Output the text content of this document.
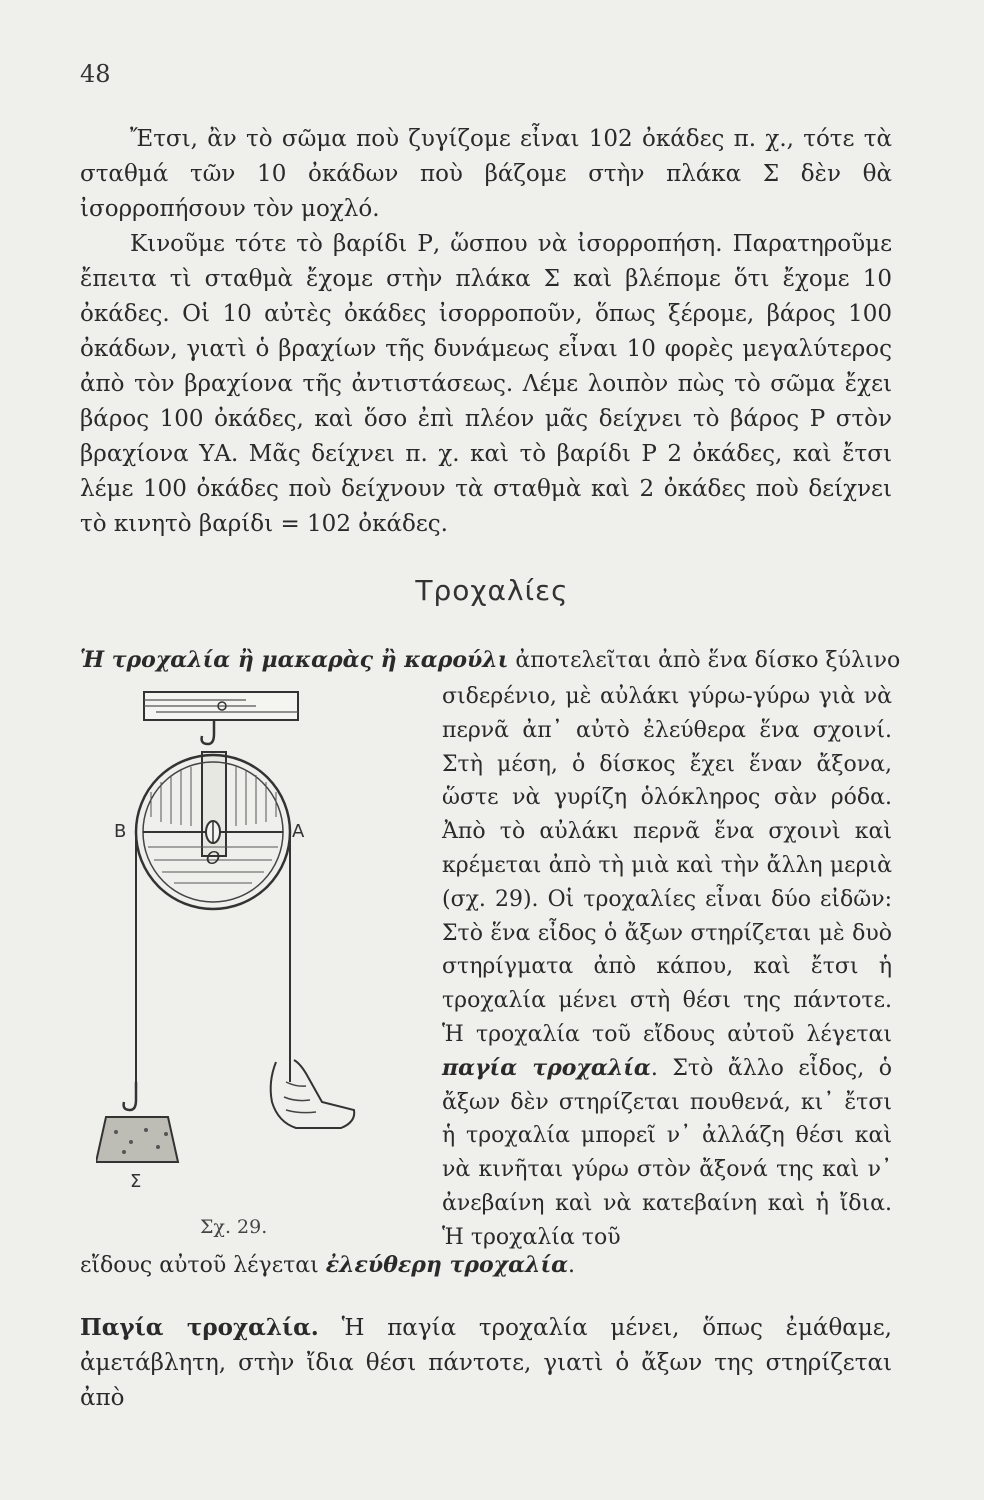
48

Ἔτσι, ἂν τὸ σῶμα ποὺ ζυγίζομε εἶναι 102 ὀκάδες π. χ., τότε τὰ σταθμά τῶν 10 ὀκάδων ποὺ βάζομε στὴν πλάκα Σ δὲν θὰ ἰσορροπήσουν τὸν μοχλό.

Κινοῦμε τότε τὸ βαρίδι Ρ, ὥσπου νὰ ἰσορροπήση. Παρατηροῦμε ἔπειτα τὶ σταθμὰ ἔχομε στὴν πλάκα Σ καὶ βλέπομε ὅτι ἔχομε 10 ὀκάδες. Οἱ 10 αὐτὲς ὀκάδες ἰσορροποῦν, ὅπως ξέρομε, βάρος 100 ὀκάδων, γιατὶ ὁ βραχίων τῆς δυνάμεως εἶναι 10 φορὲς μεγαλύτερος ἀπὸ τὸν βραχίονα τῆς ἀντιστάσεως. Λέμε λοιπὸν πὼς τὸ σῶμα ἔχει βάρος 100 ὀκάδες, καὶ ὅσο ἐπὶ πλέον μᾶς δείχνει τὸ βάρος Ρ στὸν βραχίονα ΥΑ. Μᾶς δείχνει π. χ. καὶ τὸ βαρίδι Ρ 2 ὀκάδες, καὶ ἔτσι λέμε 100 ὀκάδες ποὺ δείχνουν τὰ σταθμὰ καὶ 2 ὀκάδες ποὺ δείχνει τὸ κινητὸ βαρίδι = 102 ὀκάδες.

Τροχαλίες
Ἡ τροχαλία ἢ μακαρὰς ἢ καρούλι ἀποτελεῖται ἀπὸ ἕνα δίσκο ξύλινο
Β	Α
Ο
Σ
Σχ. 29.
σιδερένιο, μὲ αὐλάκι γύρω-γύρω γιὰ νὰ περνᾶ ἀπ᾽ αὐτὸ ἐλεύθερα ἕνα σχοινί. Στὴ μέση, ὁ δίσκος ἔχει ἕναν ἄξονα, ὥστε νὰ γυρίζη ὁλόκληρος σὰν ρόδα. Ἀπὸ τὸ αὐλάκι περνᾶ ἕνα σχοινὶ καὶ κρέμεται ἀπὸ τὴ μιὰ καὶ τὴν ἄλλη μεριὰ (σχ. 29). Οἱ τροχαλίες εἶναι δύο εἰδῶν: Στὸ ἕνα εἶδος ὁ ἄξων στηρίζεται μὲ δυὸ στηρίγματα ἀπὸ κάπου, καὶ ἔτσι ἡ τροχαλία μένει στὴ θέσι της πάντοτε. Ἡ τροχαλία τοῦ εἴδους αὐτοῦ λέγεται παγία τροχαλία. Στὸ ἄλλο εἶδος, ὁ ἄξων δὲν στηρίζεται πουθενά, κι᾽ ἔτσι ἡ τροχαλία μπορεῖ ν᾽ ἀλλάζη θέσι καὶ νὰ κινῆται γύρω στὸν ἄξονά της καὶ ν᾽ ἀνεβαίνη καὶ νὰ κατεβαίνη καὶ ἡ ἴδια. Ἡ τροχαλία τοῦ
εἴδους αὐτοῦ λέγεται ἐλεύθερη τροχαλία.
Παγία τροχαλία. Ἡ παγία τροχαλία μένει, ὅπως ἐμάθαμε, ἀμετάβλητη, στὴν ἴδια θέσι πάντοτε, γιατὶ ὁ ἄξων της στηρίζεται ἀπὸ
